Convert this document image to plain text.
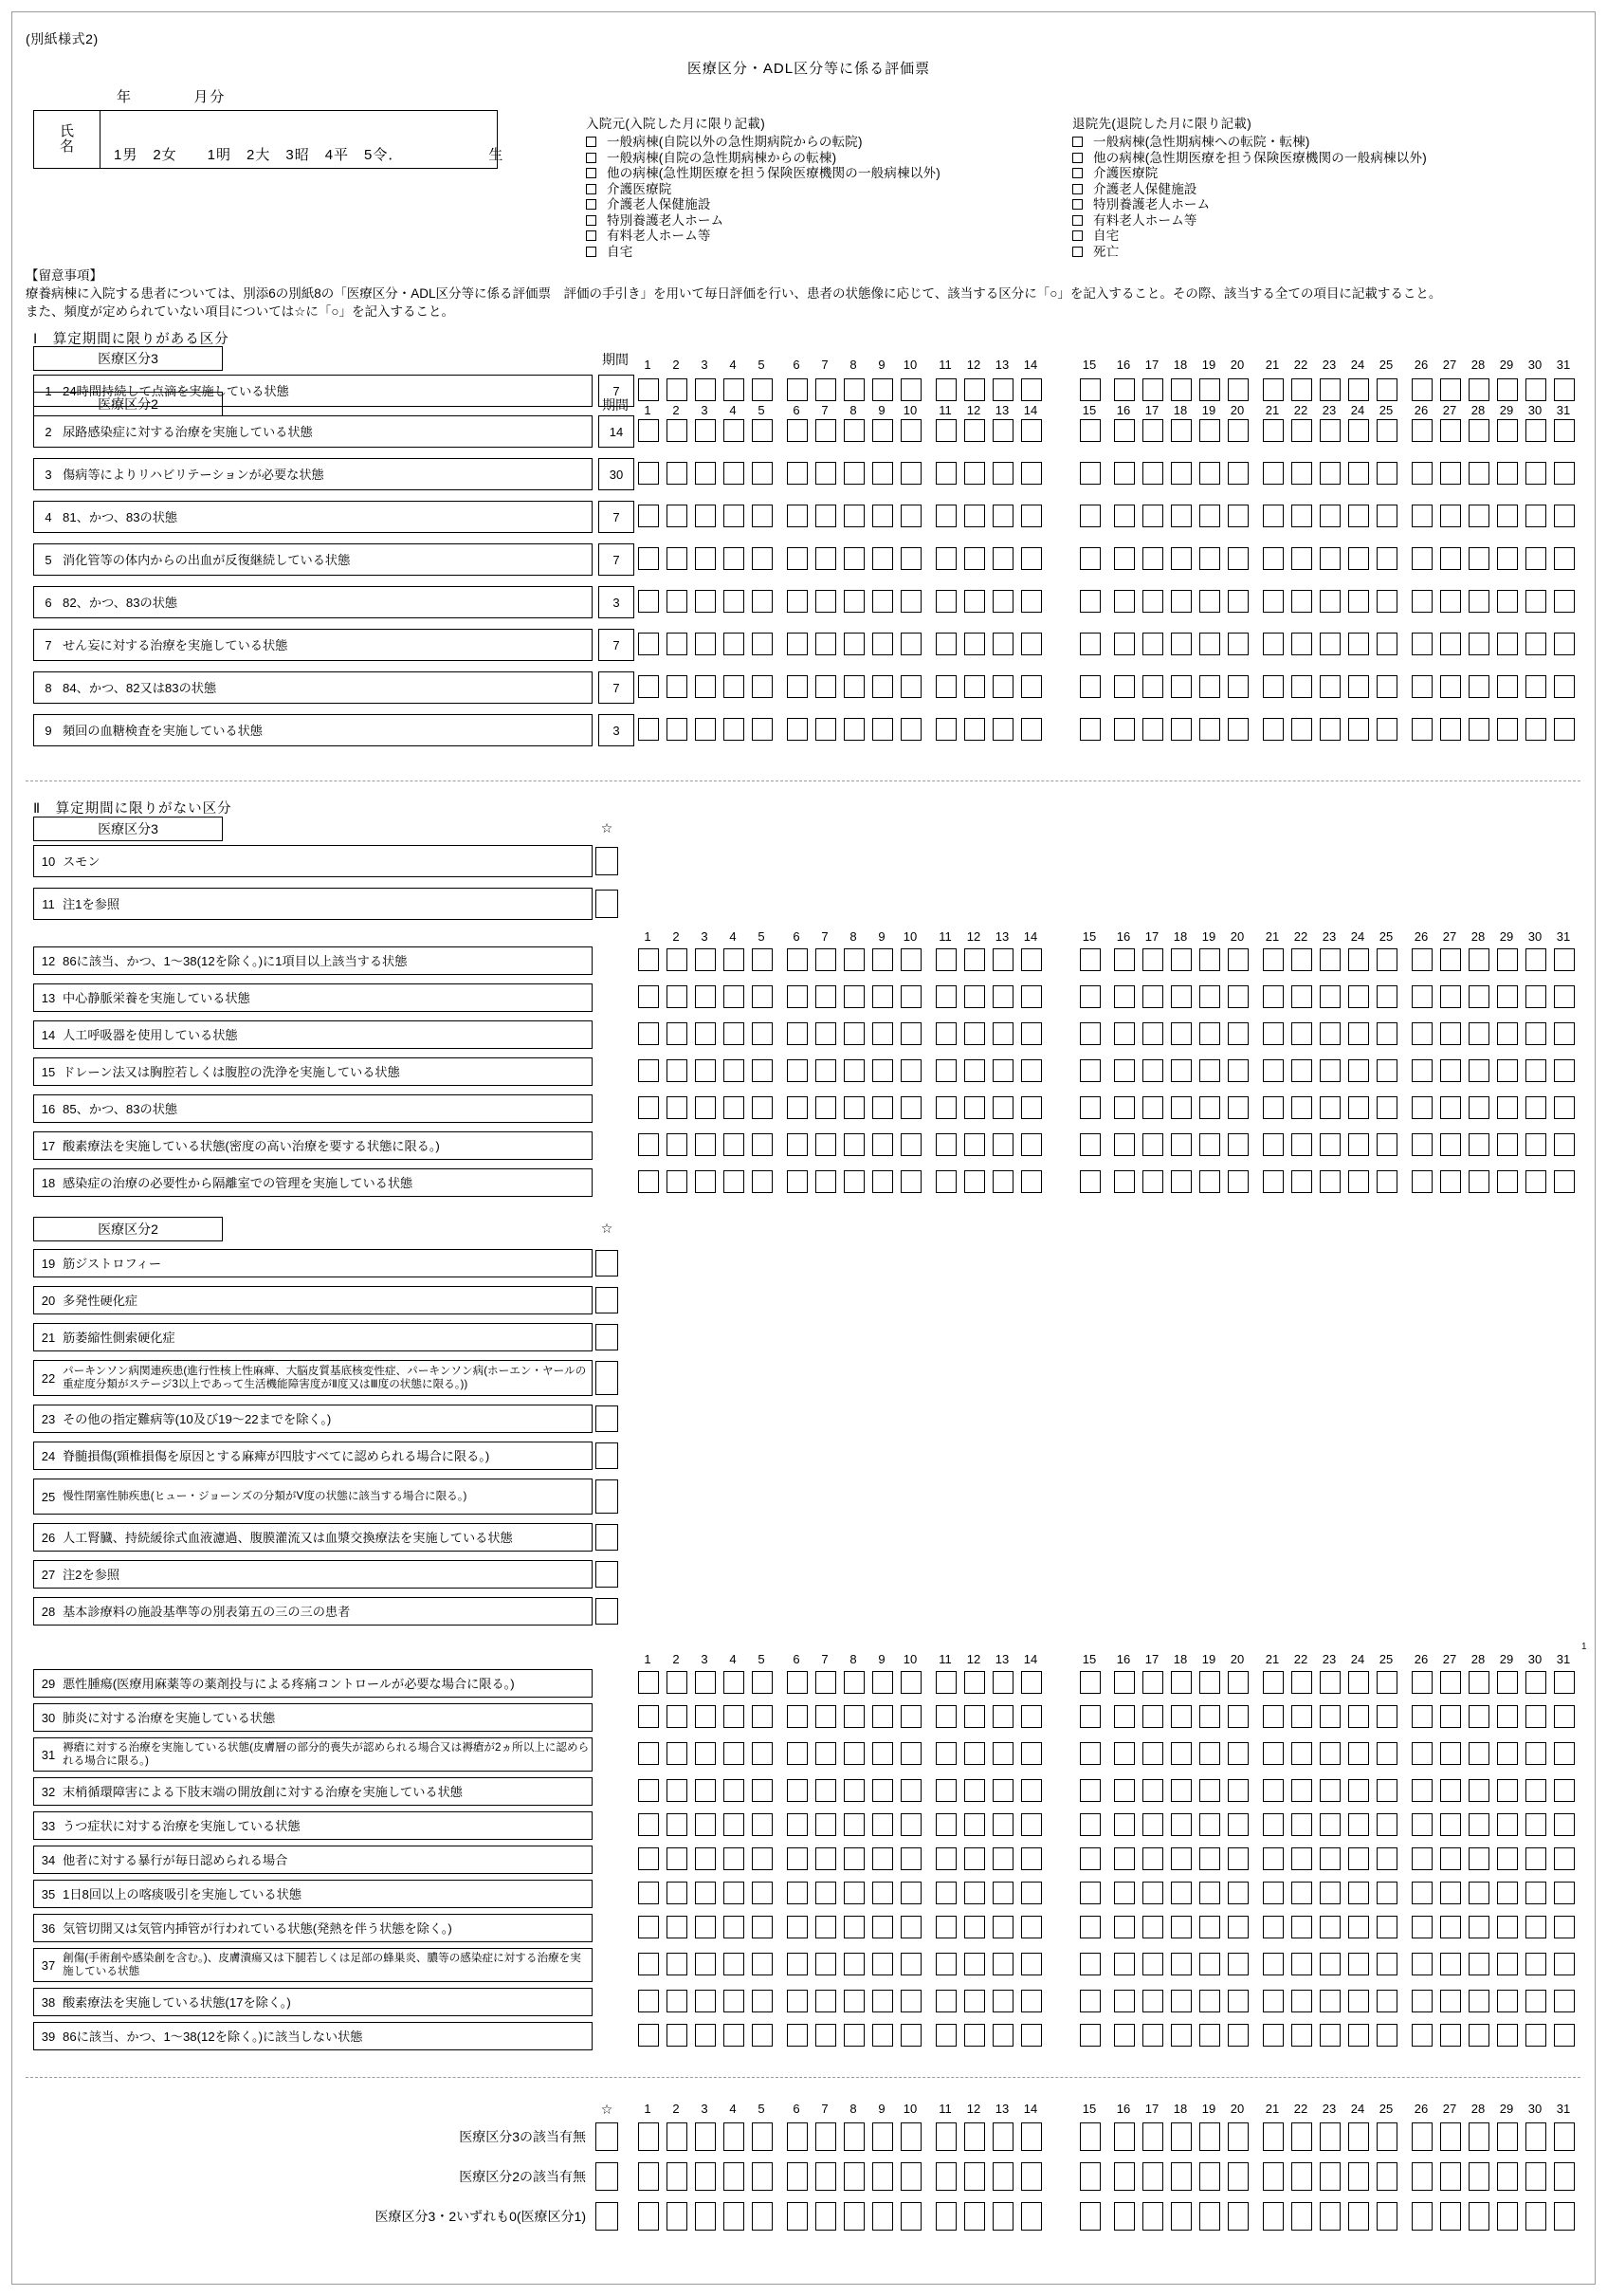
(別紙様式2)
医療区分・ADL区分等に係る評価票
年	月分
氏
名
1男　2女　　1明　2大　3昭　4平　5令．	生
入院元(入院した月に限り記載)
一般病棟(自院以外の急性期病院からの転院)
一般病棟(自院の急性期病棟からの転棟)
他の病棟(急性期医療を担う保険医療機関の一般病棟以外)
介護医療院
介護老人保健施設
特別養護老人ホーム
有料老人ホーム等
自宅
退院先(退院した月に限り記載)
一般病棟(急性期病棟への転院・転棟)
他の病棟(急性期医療を担う保険医療機関の一般病棟以外)
介護医療院
介護老人保健施設
特別養護老人ホーム
有料老人ホーム等
自宅
死亡
【留意事項】
療養病棟に入院する患者については、別添6の別紙8の「医療区分・ADL区分等に係る評価票　評価の手引き」を用いて毎日評価を行い、患者の状態像に応じて、該当する区分に「○」を記入すること。その際、該当する全ての項目に記載すること。
また、頻度が定められていない項目については☆に「○」を記入すること。
Ⅰ　算定期間に限りがある区分
医療区分3	期間	1	2	3	4	5	6	7	8	9	10 11 12 13 14	15 16 17 18 19 20 21 22 23 24 25 26 27 28 29 30 31
1 24時間持続して点滴を実施している状態	7
医療区分2	期間	1	2	3	4	5	6	7	8	9	10 11 12 13 14	15 16 17 18 19 20 21 22 23 24 25 26 27 28 29 30 31
2 尿路感染症に対する治療を実施している状態	14
3 傷病等によりリハビリテーションが必要な状態	30
4 81、かつ、83の状態	7
5 消化管等の体内からの出血が反復継続している状態	7
6 82、かつ、83の状態	3
7 せん妄に対する治療を実施している状態	7
8 84、かつ、82又は83の状態	7
9 頻回の血糖検査を実施している状態	3
Ⅱ　算定期間に限りがない区分
医療区分3	☆
10 スモン
11 注1を参照
1	2	3	4	5	6	7	8	9	10 11 12 13 14	15 16 17 18 19 20 21 22 23 24 25 26 27 28 29 30 31
12 86に該当、かつ、1〜38(12を除く。)に1項目以上該当する状態
13 中心静脈栄養を実施している状態
14 人工呼吸器を使用している状態
15 ドレーン法又は胸腔若しくは腹腔の洗浄を実施している状態
16 85、かつ、83の状態
17 酸素療法を実施している状態(密度の高い治療を要する状態に限る。)
18 感染症の治療の必要性から隔離室での管理を実施している状態
医療区分2	☆
19 筋ジストロフィー
20 多発性硬化症
21 筋萎縮性側索硬化症
22 パーキンソン病関連疾患(進行性核上性麻痺、大脳皮質基底核変性症、パーキンソン病(ホーエン・ヤールの重症度分類がステージ3以上であって生活機能障害度がⅡ度又はⅢ度の状態に限る。))
23 その他の指定難病等(10及び19〜22までを除く。)
24 脊髄損傷(頸椎損傷を原因とする麻痺が四肢すべてに認められる場合に限る。)
25 慢性閉塞性肺疾患(ヒュー・ジョーンズの分類がⅤ度の状態に該当する場合に限る。)
26 人工腎臓、持続緩徐式血液濾過、腹膜灌流又は血漿交換療法を実施している状態
27 注2を参照
28 基本診療料の施設基準等の別表第五の三の三の患者
1
1	2	3	4	5	6	7	8	9	10 11 12 13 14	15 16 17 18 19 20 21 22 23 24 25 26 27 28 29 30 31
29 悪性腫瘍(医療用麻薬等の薬剤投与による疼痛コントロールが必要な場合に限る。)
30 肺炎に対する治療を実施している状態
31 褥瘡に対する治療を実施している状態(皮膚層の部分的喪失が認められる場合又は褥瘡が2ヵ所以上に認められる場合に限る。)
32 末梢循環障害による下肢末端の開放創に対する治療を実施している状態
33 うつ症状に対する治療を実施している状態
34 他者に対する暴行が毎日認められる場合
35 1日8回以上の喀痰吸引を実施している状態
36 気管切開又は気管内挿管が行われている状態(発熱を伴う状態を除く。)
37 創傷(手術創や感染創を含む。)、皮膚潰瘍又は下腿若しくは足部の蜂巣炎、膿等の感染症に対する治療を実施している状態
38 酸素療法を実施している状態(17を除く。)
39 86に該当、かつ、1〜38(12を除く。)に該当しない状態
☆	1	2	3	4	5	6	7	8	9	10 11 12 13 14	15 16 17 18 19 20 21 22 23 24 25 26 27 28 29 30 31
医療区分3の該当有無
医療区分2の該当有無
医療区分3・2いずれも0(医療区分1)
